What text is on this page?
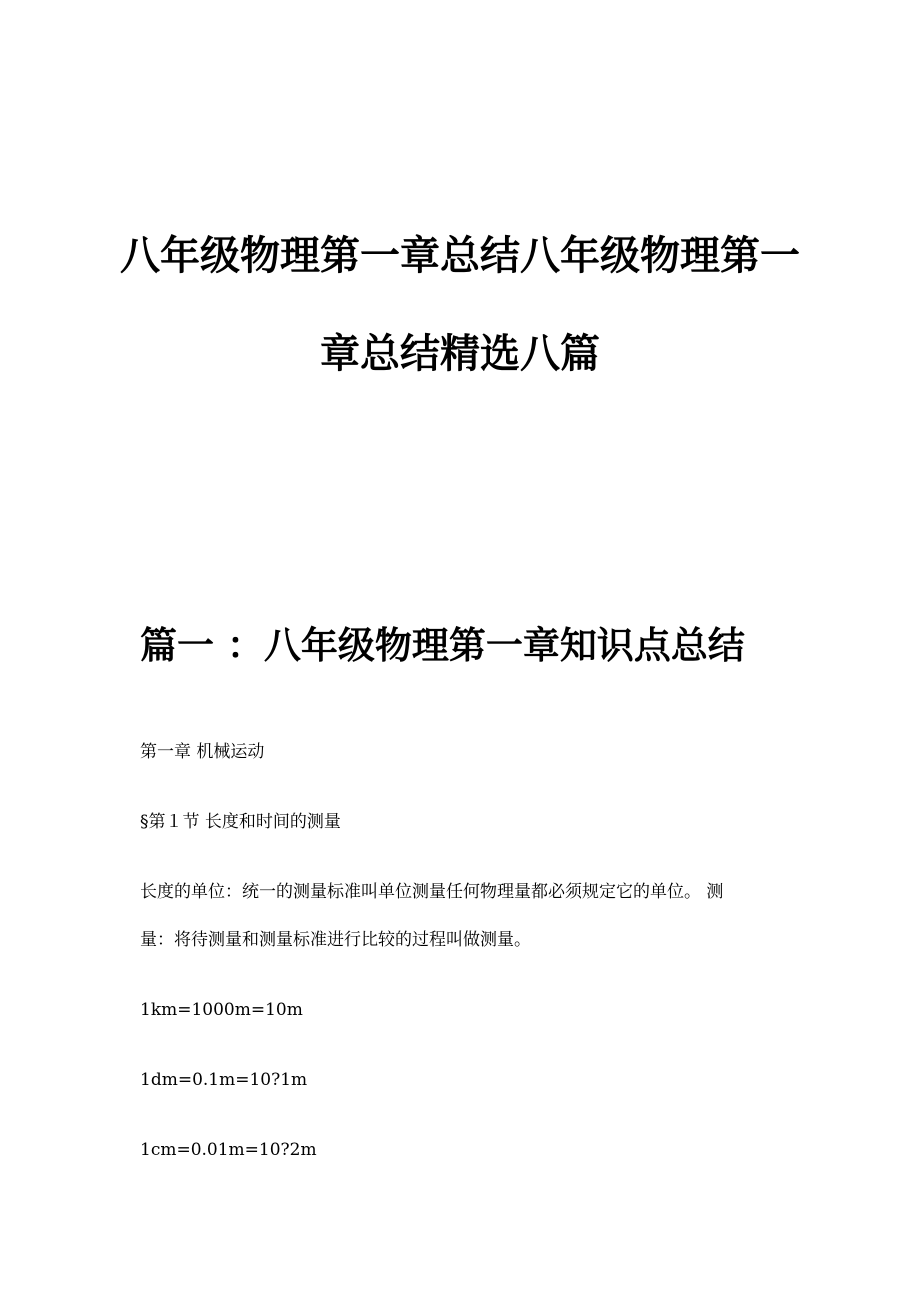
八年级物理第一章总结八年级物理第一
章总结精选八篇
篇一 ：八年级物理第一章知识点总结
第一章 机械运动
§第１节 长度和时间的测量
长度的单位：统一的测量标准叫单位测量任何物理量都必须规定它的单位。 测
量：将待测量和测量标准进行比较的过程叫做测量。
1km=1000m=10m
1dm=0.1m=10?1m
1cm=0.01m=10?2m
